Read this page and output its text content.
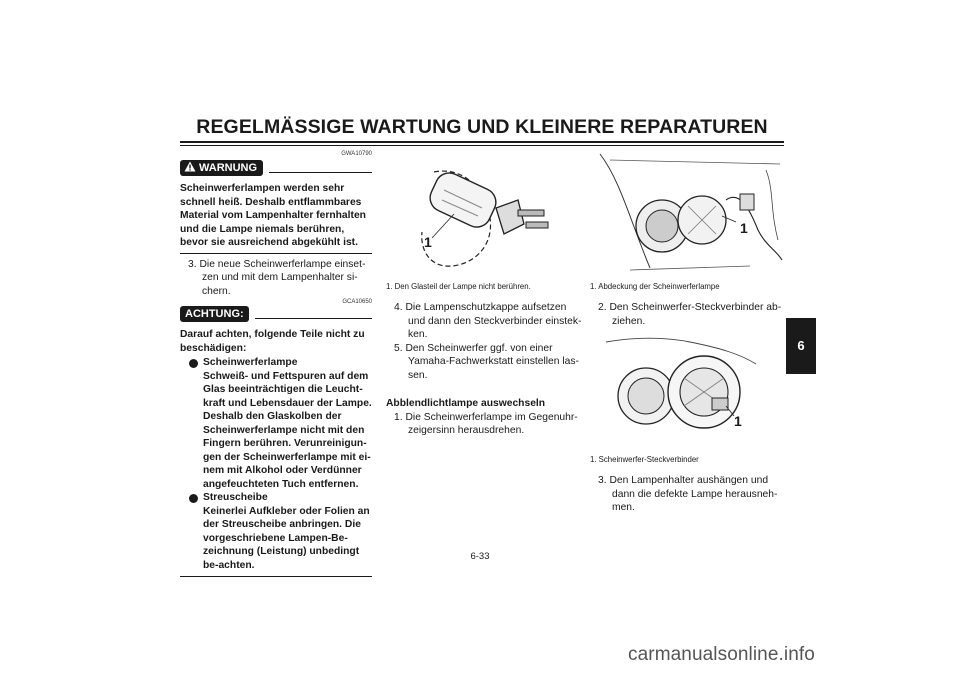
REGELMÄSSIGE WARTUNG UND KLEINERE REPARATUREN
6
GWA10790
WARNUNG
Scheinwerferlampen werden sehr schnell heiß. Deshalb entflammbares Material vom Lampenhalter fernhalten und die Lampe niemals berühren, bevor sie ausreichend abgekühlt ist.
3. Die neue Scheinwerferlampe einset-zen und mit dem Lampenhalter si-chern.
GCA10650
ACHTUNG:
Darauf achten, folgende Teile nicht zu beschädigen:
Scheinwerferlampe
Schweiß- und Fettspuren auf dem Glas beeinträchtigen die Leucht-kraft und Lebensdauer der Lampe. Deshalb den Glaskolben der Scheinwerferlampe nicht mit den Fingern berühren. Verunreinigun-gen der Scheinwerferlampe mit ei-nem mit Alkohol oder Verdünner angefeuchteten Tuch entfernen.
Streuscheibe
Keinerlei Aufkleber oder Folien an der Streuscheibe anbringen. Die vorgeschriebene Lampen-Be-zeichnung (Leistung) unbedingt be-achten.
1
1. Den Glasteil der Lampe nicht berühren.
4. Die Lampenschutzkappe aufsetzen und dann den Steckverbinder einstek-ken.
5. Den Scheinwerfer ggf. von einer Yamaha-Fachwerkstatt einstellen las-sen.
Abblendlichtlampe auswechseln
1. Die Scheinwerferlampe im Gegenuhr-zeigersinn herausdrehen.
1
1. Abdeckung der Scheinwerferlampe
2. Den Scheinwerfer-Steckverbinder ab-ziehen.
1
1. Scheinwerfer-Steckverbinder
3. Den Lampenhalter aushängen und dann die defekte Lampe herausneh-men.
6-33
carmanualsonline.info
